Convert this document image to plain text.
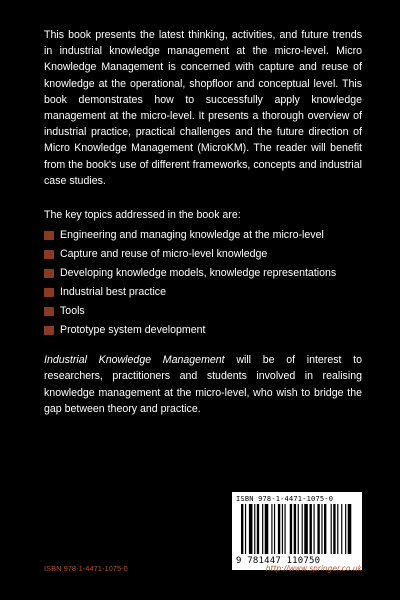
This book presents the latest thinking, activities, and future trends in industrial knowledge management at the micro-level. Micro Knowledge Management is concerned with capture and reuse of knowledge at the operational, shopfloor and conceptual level. This book demonstrates how to successfully apply knowledge management at the micro-level. It presents a thorough overview of industrial practice, practical challenges and the future direction of Micro Knowledge Management (MicroKM). The reader will benefit from the book's use of different frameworks, concepts and industrial case studies.

The key topics addressed in the book are:

Engineering and managing knowledge at the micro-level
Capture and reuse of micro-level knowledge
Developing knowledge models, knowledge representations
Industrial best practice
Tools
Prototype system development

Industrial Knowledge Management will be of interest to researchers, practitioners and students involved in realising knowledge management at the micro-level, who wish to bridge the gap between theory and practice.

ISBN 978-1-4471-1075-0
9 781447 110750
ISBN 978-1-4471-1075-0	http://www.springer.co.uk
